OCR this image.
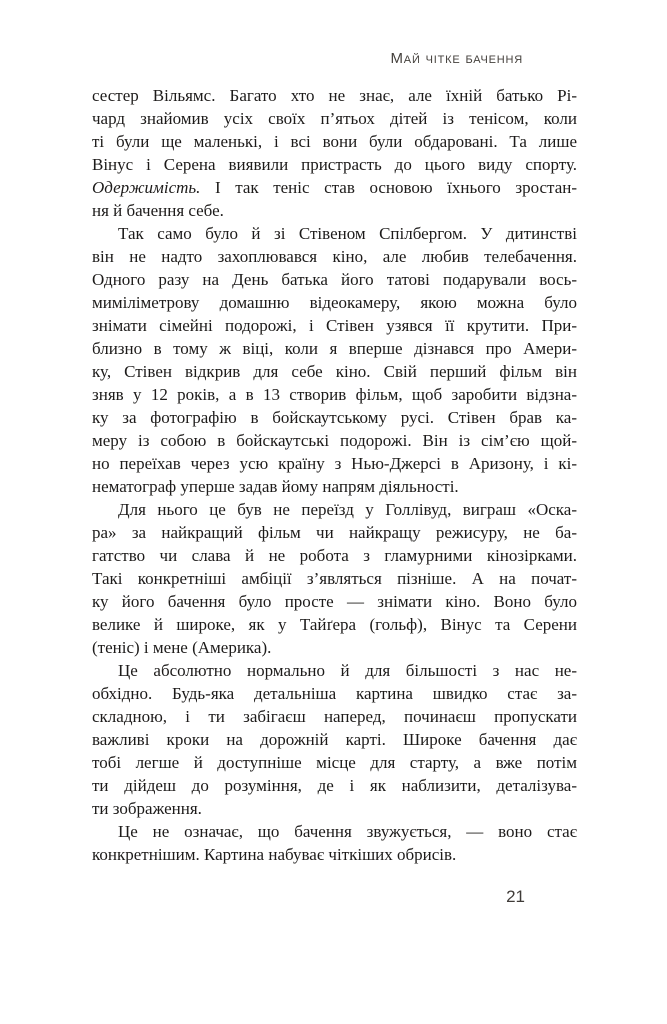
Май чітке бачення
сестер Вільямс. Багато хто не знає, але їхній батько Рі-
чард знайомив усіх своїх п’ятьох дітей із тенісом, коли
ті були ще маленькі, і всі вони були обдаровані. Та лише
Вінус і Серена виявили пристрасть до цього виду спорту.
Одержимість. І так теніс став основою їхнього зростан-
ня й бачення себе.
Так само було й зі Стівеном Спілбергом. У дитинстві
він не надто захоплювався кіно, але любив телебачення.
Одного разу на День батька його татові подарували вось-
миміліметрову домашню відеокамеру, якою можна було
знімати сімейні подорожі, і Стівен узявся її крутити. При-
близно в тому ж віці, коли я вперше дізнався про Амери-
ку, Стівен відкрив для себе кіно. Свій перший фільм він
зняв у 12 років, а в 13 створив фільм, щоб заробити відзна-
ку за фотографію в бойскаутському русі. Стівен брав ка-
меру із собою в бойскаутські подорожі. Він із сім’єю щой-
но переїхав через усю країну з Нью-Джерсі в Аризону, і кі-
нематограф уперше задав йому напрям діяльності.
Для нього це був не переїзд у Голлівуд, виграш «Оска-
ра» за найкращий фільм чи найкращу режисуру, не ба-
гатство чи слава й не робота з гламурними кінозірками.
Такі конкретніші амбіції з’являться пізніше. А на почат-
ку його бачення було просте — знімати кіно. Воно було
велике й широке, як у Тайґера (гольф), Вінус та Серени
(теніс) і мене (Америка).
Це абсолютно нормально й для більшості з нас не-
обхідно. Будь-яка детальніша картина швидко стає за-
складною, і ти забігаєш наперед, починаєш пропускати
важливі кроки на дорожній карті. Широке бачення дає
тобі легше й доступніше місце для старту, а вже потім
ти дійдеш до розуміння, де і як наблизити, деталізува-
ти зображення.
Це не означає, що бачення звужується, — воно стає
конкретнішим. Картина набуває чіткіших обрисів.
21
